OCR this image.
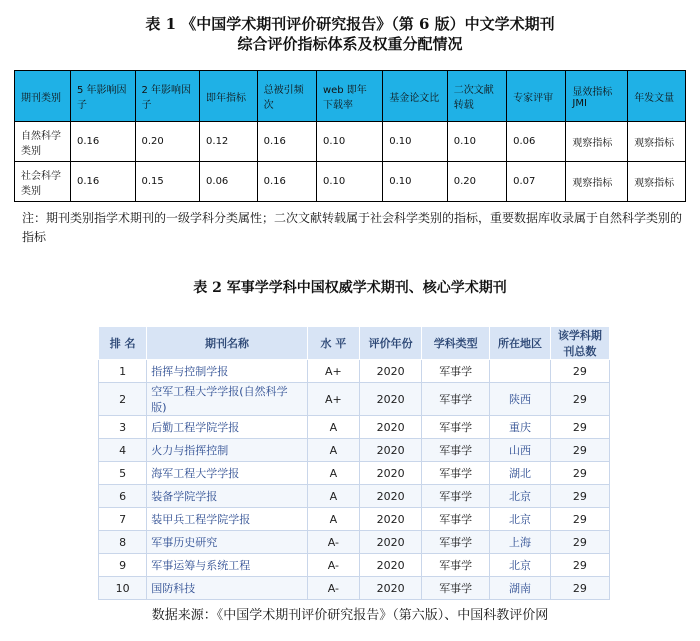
表 1 《中国学术期刊评价研究报告》（第 6 版）中文学术期刊
综合评价指标体系及权重分配情况
期刊类别	5 年影响因子	2 年影响因子	即年指标	总被引频次	web 即年下载率	基金论文比	二次文献转载	专家评审	显效指标 JMI	年发文量
自然科学类别	0.16	0.20	0.12	0.16	0.10	0.10	0.10	0.06	观察指标	观察指标
社会科学类别	0.16	0.15	0.06	0.16	0.10	0.10	0.20	0.07	观察指标	观察指标
注：期刊类别指学术期刊的一级学科分类属性；二次文献转载属于社会科学类别的指标，重要数据库收录属于自然科学类别的指标
表 2 军事学学科中国权威学术期刊、核心学术期刊
排 名	期刊名称	水 平	评价年份	学科类型	所在地区	该学科期刊总数
1	指挥与控制学报	A+	2020	军事学		29
2	空军工程大学学报(自然科学版)	A+	2020	军事学	陕西	29
3	后勤工程学院学报	A	2020	军事学	重庆	29
4	火力与指挥控制	A	2020	军事学	山西	29
5	海军工程大学学报	A	2020	军事学	湖北	29
6	装备学院学报	A	2020	军事学	北京	29
7	装甲兵工程学院学报	A	2020	军事学	北京	29
8	军事历史研究	A-	2020	军事学	上海	29
9	军事运筹与系统工程	A-	2020	军事学	北京	29
10	国防科技	A-	2020	军事学	湖南	29
数据来源：《中国学术期刊评价研究报告》（第六版）、中国科教评价网
